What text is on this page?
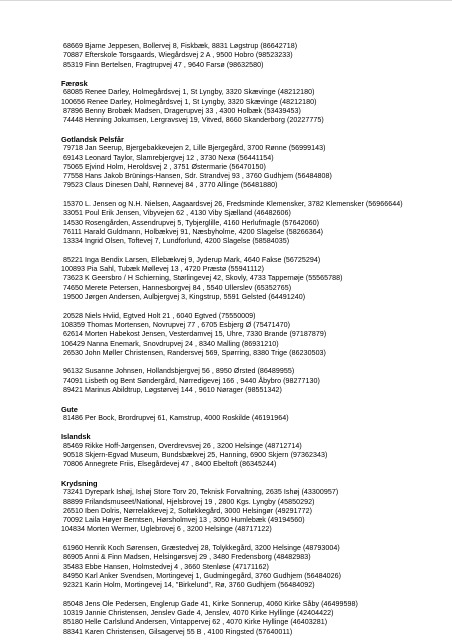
68669 Bjarne Jeppesen, Bollervej 8, Fiskbæk, 8831 Løgstrup (86642718)
70887 Efterskole Torsgaards, Wiegårdsvej 2 A , 9500 Hobro (98523233)
85319 Finn Bertelsen, Fragtrupvej 47 , 9640 Farsø (98632580)
Færøsk
68085 Renee Darley, Holmegårdsvej 1, St Lyngby, 3320 Skævinge (48212180)
100656 Renee Darley, Holmegårdsvej 1, St Lyngby, 3320 Skævinge (48212180)
87896 Benny Brobæk Madsen, Dragerupvej 33 , 4300 Holbæk (53439453)
74448 Henning Jokumsen, Lergravsvej 19, Vitved, 8660 Skanderborg (20227775)
Gotlandsk Pelsfår
79718 Jan Seerup, Bjergebakkevejen 2, Lille Bjergegård, 3700 Rønne (56999143)
69143 Leonard Taylor, Slamrebjergvej 12 , 3730 Nexø (56441154)
75065 Ejvind Holm, Heroldsvej 2 , 3751 Østermarie (56470150)
77558 Hans Jakob Brünings-Hansen, Sdr. Strandvej 93 , 3760 Gudhjem (56484808)
79523 Claus Dinesen Dahl, Rønnevej 84 , 3770 Allinge (56481880)
15370 L. Jensen og N.H. Nielsen, Aagaardsvej 26, Fredsminde Klemensker, 3782 Klemensker (56966644)
33051 Poul Erik Jensen, Vibyvejen 62 , 4130 Viby Sjælland (46482606)
14530 Rosengården, Assendrupvej 5, Tybjerglille, 4160 Herlufmagle (57642060)
76111 Harald Guldmann, Holbækvej 91, Næsbyholme, 4200 Slagelse (58266364)
13334 Ingrid Olsen, Toftevej 7, Lundforlund, 4200 Slagelse (58584035)
85221 Inga Bendix Larsen, Ellebækvej 9, Jyderup Mark, 4640 Fakse (56725294)
100893 Pia Sahl, Tubæk Møllevej 13 , 4720 Præstø (55941112)
73623 K Geersbro / H Schierning, Størlingevej 42, Skovly, 4733 Tappernøje (55565788)
74650 Merete Petersen, Hannesborgvej 84 , 5540 Ullerslev (65352765)
19500 Jørgen Andersen, Aulbjergvej 3, Kingstrup, 5591 Gelsted (64491240)
20528 Niels Hviid, Egtved Holt 21 , 6040 Egtved (75550009)
108359 Thomas Mortensen, Novrupvej 77 , 6705 Esbjerg Ø (75471470)
62614 Morten Habekost Jensen, Vesterdamvej 15, Uhre, 7330 Brande (97187879)
106429 Nanna Enemark, Snovdrupvej 24 , 8340 Malling (86931210)
26530 John Møller Christensen, Randersvej 569, Spørring, 8380 Trige (86230503)
96132 Susanne Johnsen, Hollandsbjergvej 56 , 8950 Ørsted (86489955)
74091 Lisbeth og Bent Søndergård, Nørredigevej 166 , 9440 Åbybro (98277130)
89421 Marinus Abildtrup, Løgstørvej 144 , 9610 Nørager (98551342)
Gute
81486 Per Bock, Brordrupvej 61, Kamstrup, 4000 Roskilde (46191964)
Islandsk
85469 Rikke Hoff-Jørgensen, Overdrevsvej 26 , 3200 Helsinge (48712714)
90518 Skjern-Egvad Museum, Bundsbækvej 25, Hanning, 6900 Skjern (97362343)
70806 Annegrete Friis, Elsegårdevej 47 , 8400 Ebeltoft (86345244)
Krydsning
73241 Dyrepark Ishøj, Ishøj Store Torv 20, Teknisk Forvaltning, 2635 Ishøj (43300957)
88899 Frilandsmuseet/National, Hjelsbrovej 19 , 2800 Kgs. Lyngby (45850292)
26510 Iben Dolris, Nørrelakkevej 2, Soltøkkegård, 3000 Helsingør (49291772)
70092 Laila Høyer Berntsen, Hørsholmvej 13 , 3050 Humlebæk (49194560)
104834 Morten Wermer, Uglebrovej 6 , 3200 Helsinge (48717122)
61960 Henrik Koch Sørensen, Græstedvej 28, Tolykkegård, 3200 Helsinge (48793004)
86905 Anni & Finn Madsen, Helsingørsvej 29 , 3480 Fredensborg (48482983)
35483 Ebbe Hansen, Holmstedvej 4 , 3660 Stenløse (47171162)
84950 Karl Anker Svendsen, Mortingevej 1, Gudmingegård, 3760 Gudhjem (56484026)
92321 Karin Holm, Mortingevej 14, "Birkelund", Rø, 3760 Gudhjem (56484092)
85048 Jens Ole Pedersen, Englerup Gade 41, Kirke Sonnerup, 4060 Kirke Såby (46499598)
10319 Jannie Christensen, Jenslev Gade 4, Jenslev, 4070 Kirke Hyllinge (42404422)
85180 Helle Carlslund Andersen, Vintappervej 62 , 4070 Kirke Hyllinge (46403281)
88341 Karen Christensen, Gilsagervej 55 B , 4100 Ringsted (57640011)
